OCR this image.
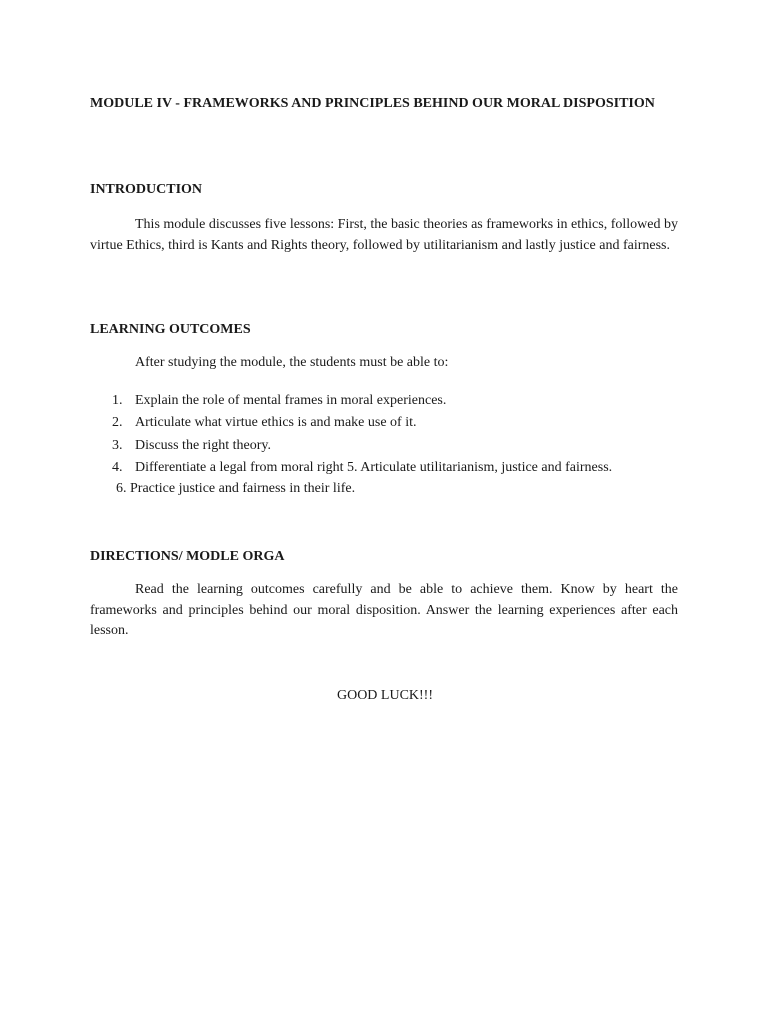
MODULE IV - FRAMEWORKS AND PRINCIPLES BEHIND OUR MORAL DISPOSITION
INTRODUCTION

This module discusses five lessons: First, the basic theories as frameworks in ethics, followed by virtue Ethics, third is Kants and Rights theory, followed by utilitarianism and lastly justice and fairness.

LEARNING OUTCOMES
After studying the module, the students must be able to:
1. Explain the role of mental frames in moral experiences.
2. Articulate what virtue ethics is and make use of it.
3. Discuss the right theory.
4. Differentiate a legal from moral right 5. Articulate utilitarianism, justice and fairness.
6. Practice justice and fairness in their life.
DIRECTIONS/ MODLE ORGA

Read the learning outcomes carefully and be able to achieve them. Know by heart the frameworks and principles behind our moral disposition. Answer the learning experiences after each lesson.

GOOD LUCK!!!
